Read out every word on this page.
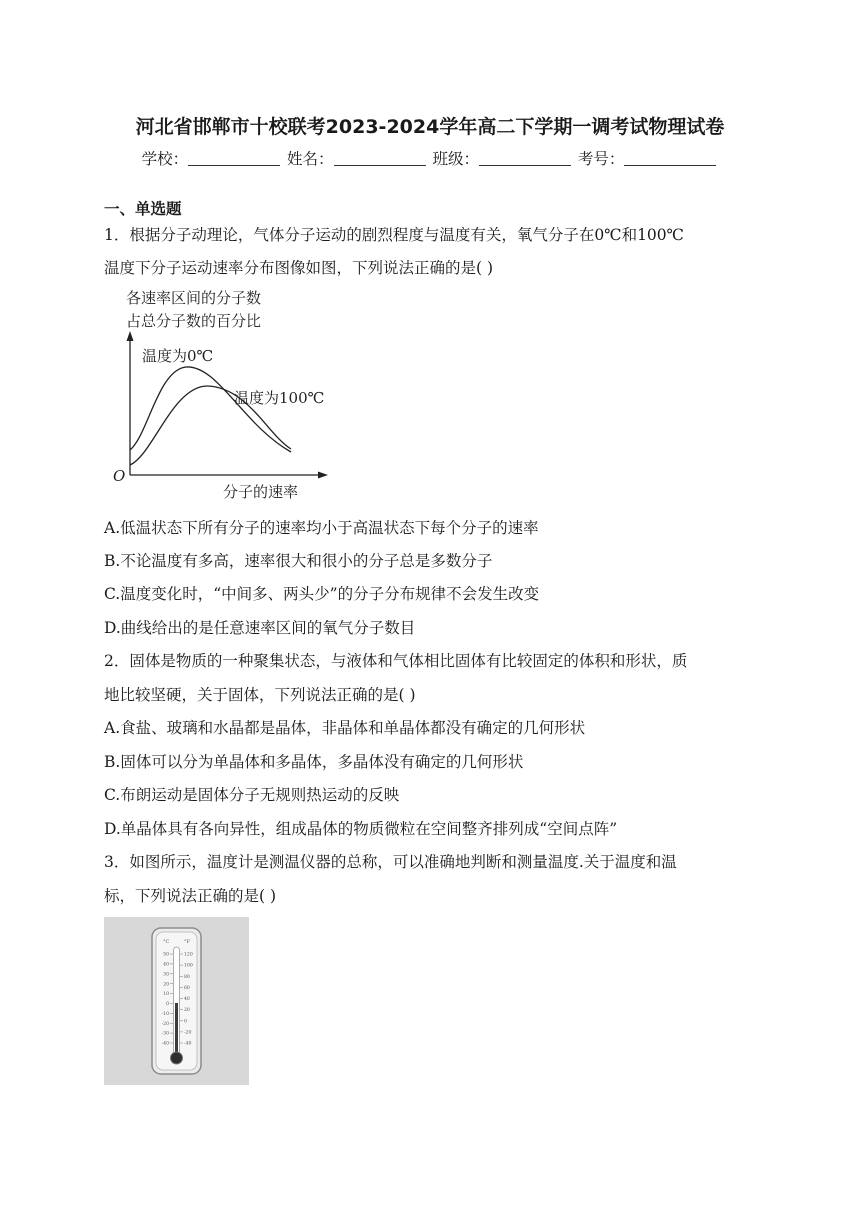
河北省邯郸市十校联考2023-2024学年高二下学期一调考试物理试卷
学校：	姓名：	班级：	考号：
一、单选题
1．根据分子动理论，气体分子运动的剧烈程度与温度有关，氧气分子在0℃和100℃
温度下分子运动速率分布图像如图，下列说法正确的是( )
各速率区间的分子数
占总分子数的百分比
温度为0℃
温度为100℃
O
分子的速率
A.低温状态下所有分子的速率均小于高温状态下每个分子的速率
B.不论温度有多高，速率很大和很小的分子总是多数分子
C.温度变化时，“中间多、两头少”的分子分布规律不会发生改变
D.曲线给出的是任意速率区间的氧气分子数目
2．固体是物质的一种聚集状态，与液体和气体相比固体有比较固定的体积和形状，质
地比较坚硬，关于固体，下列说法正确的是( )
A.食盐、玻璃和水晶都是晶体，非晶体和单晶体都没有确定的几何形状
B.固体可以分为单晶体和多晶体，多晶体没有确定的几何形状
C.布朗运动是固体分子无规则热运动的反映
D.单晶体具有各向异性，组成晶体的物质微粒在空间整齐排列成“空间点阵”
3．如图所示，温度计是测温仪器的总称，可以准确地判断和测量温度.关于温度和温
标，下列说法正确的是( )
°C	°F
50
40
30
20
10
0
-10
-20
-30
-40
120
100
80
60
40
20
0
-20
-40
